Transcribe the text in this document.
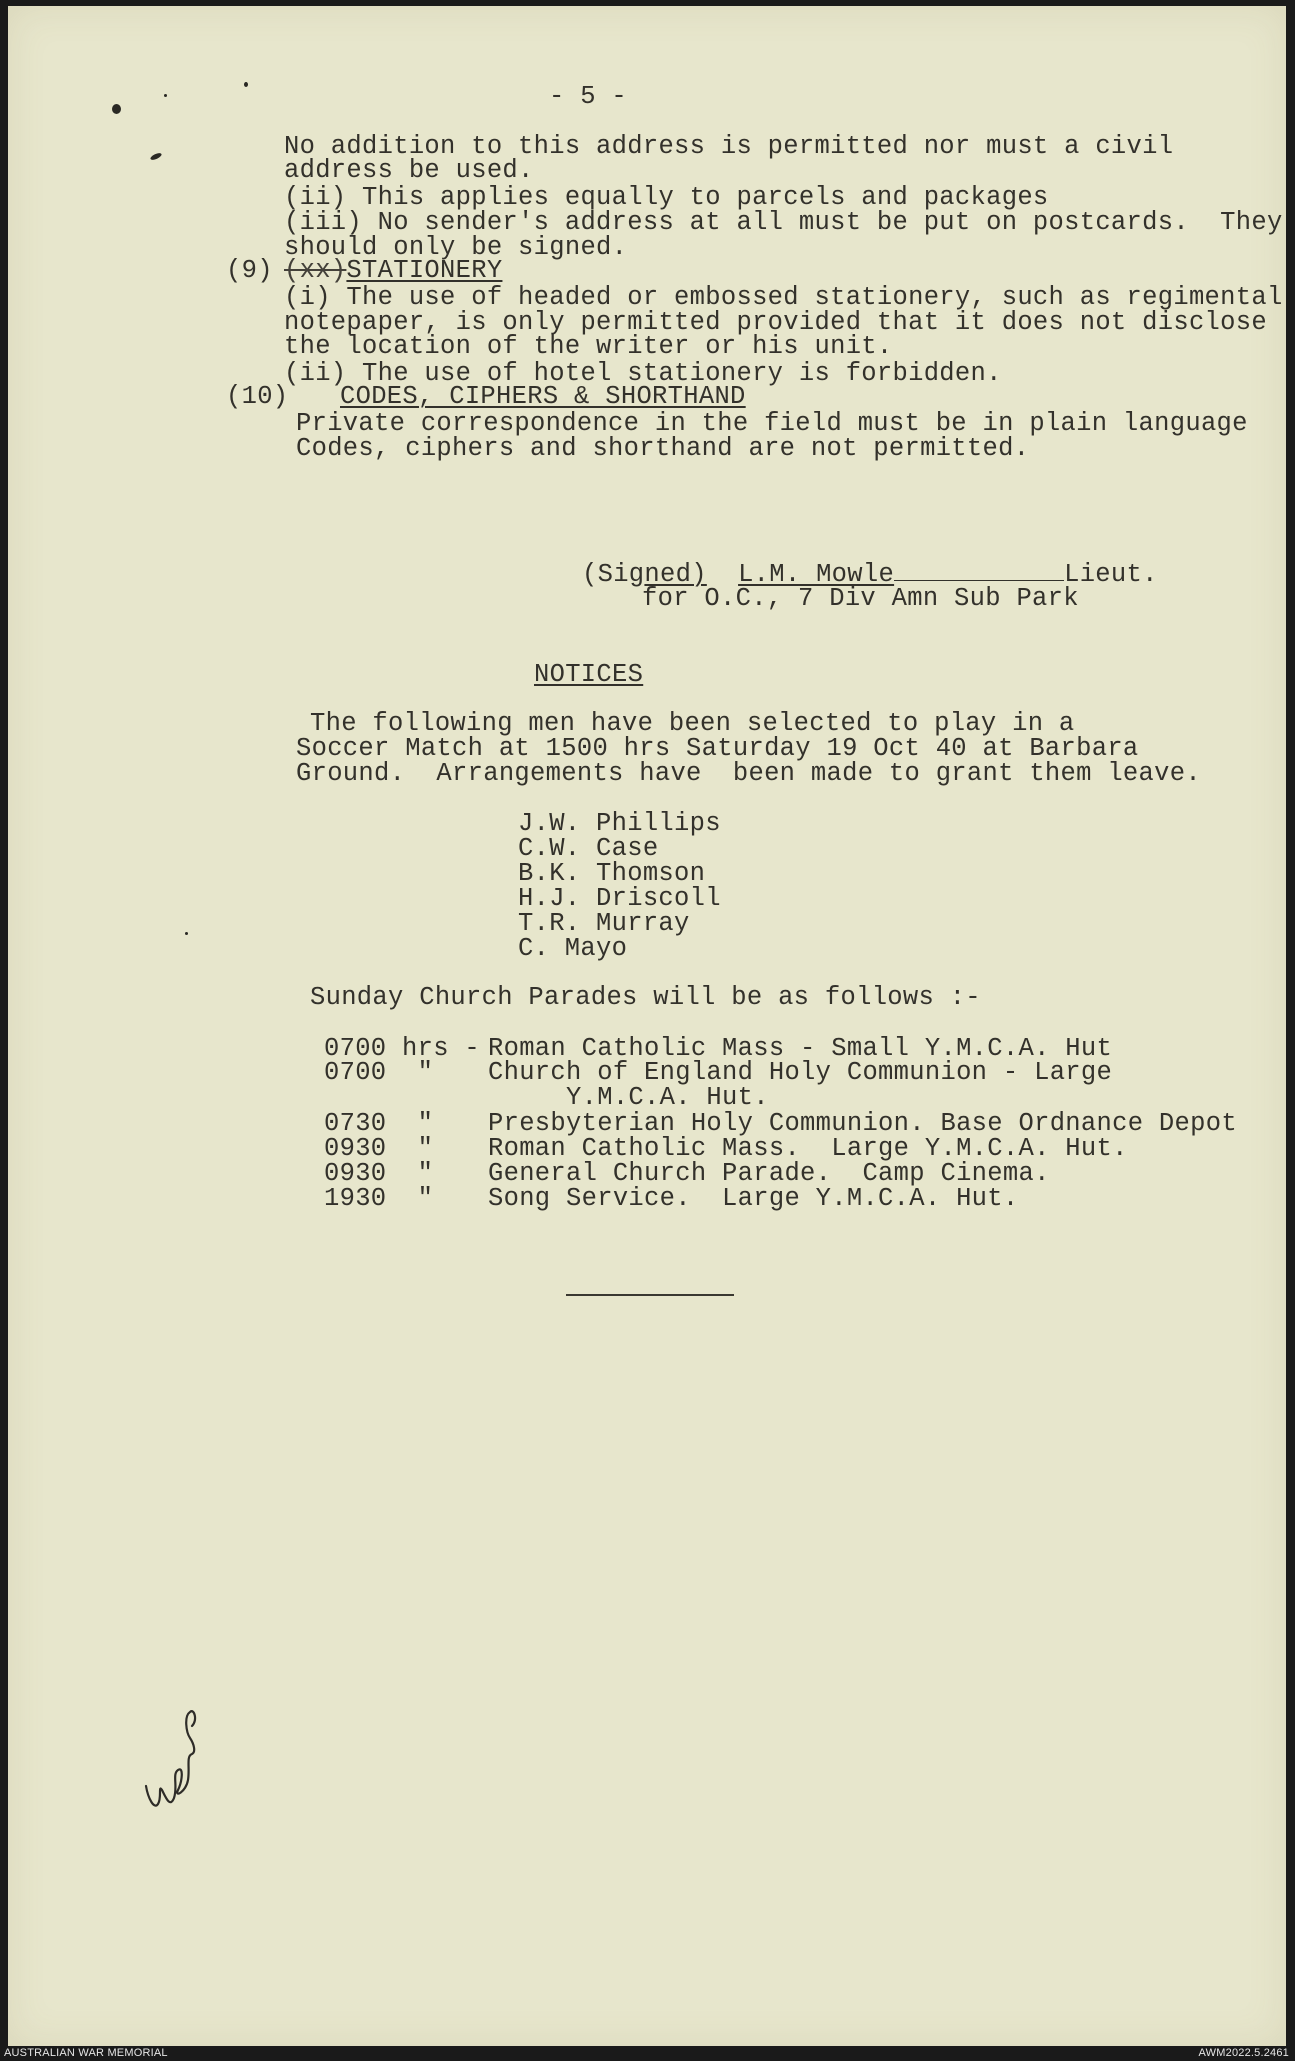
- 5 -
No addition to this address is permitted nor must a civil
address be used.
(ii) This applies equally to parcels and packages
(iii) No sender's address at all must be put on postcards.  They
should only be signed.
(9) (xx)STATIONERY
(i) The use of headed or embossed stationery, such as regimental
notepaper, is only permitted provided that it does not disclose
the location of the writer or his unit.
(ii) The use of hotel stationery is forbidden.
(10) CODES, CIPHERS & SHORTHAND
Private correspondence in the field must be in plain language
Codes, ciphers and shorthand are not permitted.
(Signed) L.M. Mowle	Lieut.
for O.C., 7 Div Amn Sub Park
NOTICES
The following men have been selected to play in a
Soccer Match at 1500 hrs Saturday 19 Oct 40 at Barbara
Ground.  Arrangements have  been made to grant them leave.
J.W. Phillips
C.W. Case
B.K. Thomson
H.J. Driscoll
T.R. Murray
C. Mayo
Sunday Church Parades will be as follows :-
0700 hrs - Roman Catholic Mass - Small Y.M.C.A. Hut
0700  " Church of England Holy Communion - Large
Y.M.C.A. Hut.
0730  " Presbyterian Holy Communion. Base Ordnance Depot
0930  " Roman Catholic Mass.  Large Y.M.C.A. Hut.
0930  " General Church Parade.  Camp Cinema.
1930  " Song Service.  Large Y.M.C.A. Hut.
AUSTRALIAN WAR MEMORIAL	AWM2022.5.2461
